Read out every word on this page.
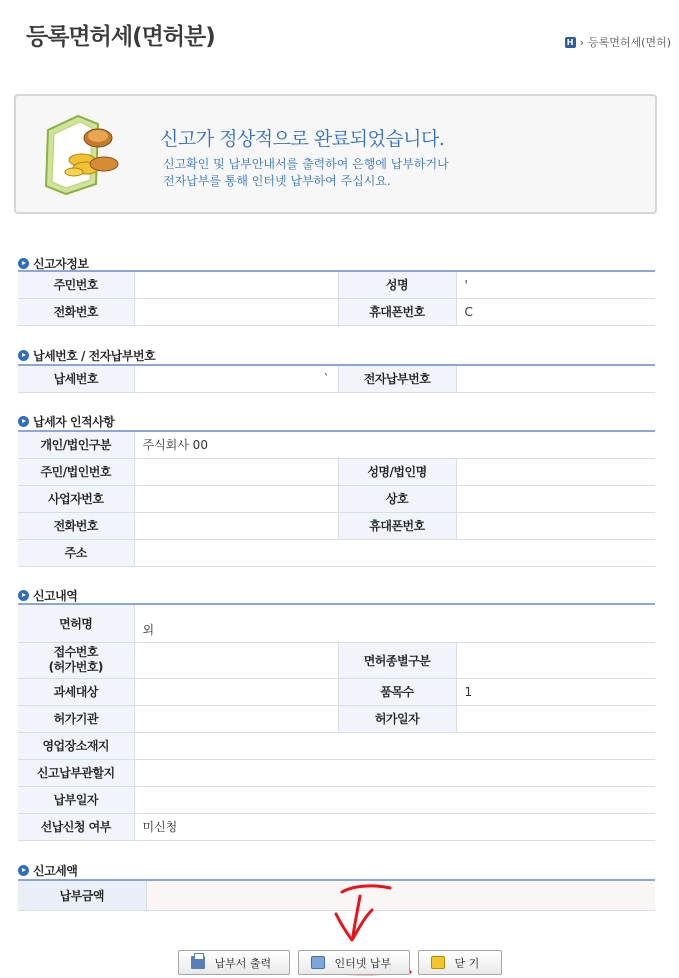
등록면허세(면허분)	H › 등록면허세(면허)
신고가 정상적으로 완료되었습니다.
신고확인 및 납부안내서를 출력하여 은행에 납부하거나
전자납부를 통해 인터넷 납부하여 주십시요.
신고자정보
주민번호		성명	'
전화번호		휴대폰번호	C
납세번호 / 전자납부번호
납세번호	`	전자납부번호	
납세자 인적사항
개인/법인구분	주식회사 00		
주민/법인번호		성명/법인명	
사업자번호		상호	
전화번호		휴대폰번호	
주소			
신고내역
면허명	외		

접수번호
(허가번호)		면허종별구분	
과세대상		품목수	1
허가기관		허가일자	
영업장소재지			
신고납부관할지			
납부일자			
선납신청 여부	미신청		
신고세액
납부금액	
납부서 출력	인터넷 납부	닫 기
